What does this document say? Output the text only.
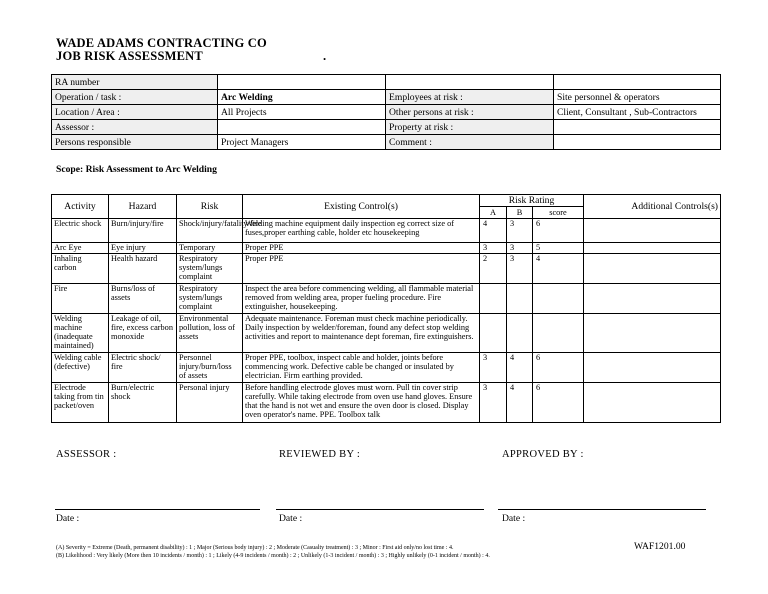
WADE ADAMS CONTRACTING CO
JOB RISK ASSESSMENT	.
RA number			
Operation / task :	Arc Welding	Employees at risk :	Site personnel & operators
Location / Area :	All Projects	Other persons at risk :	Client, Consultant , Sub-Contractors
Assessor :		Property at risk :	
Persons responsible	Project Managers	Comment :	
Scope: Risk Assessment to Arc Welding
Activity	Hazard	Risk	Existing Control(s)	Risk Rating			Additional Controls(s)
				A	B	score	
Electric shock	Burn/injury/fire	Shock/injury/fatality/fire	Welding machine equipment daily inspection eg correct size of fuses,proper earthing cable, holder etc housekeeping	4	3	6	
Arc Eye	Eye injury	Temporary	Proper PPE	3	3	5	
Inhaling carbon	Health hazard	Respiratory system/lungs complaint	Proper PPE	2	3	4	
Fire	Burns/loss of assets	Respiratory system/lungs complaint	Inspect the area before commencing welding, all flammable material removed from welding area, proper fueling procedure. Fire extinguisher, housekeeping.				
Welding machine (inadequate maintained)	Leakage of oil, fire, excess carbon monoxide	Environmental pollution, loss of assets	Adequate maintenance. Foreman must check machine periodically. Daily inspection by welder/foreman, found any defect stop welding activities and report to maintenance dept foreman, fire extinguishers.				
Welding cable (defective)	Electric shock/ fire	Personnel injury/burn/loss of assets	Proper PPE, toolbox, inspect cable and holder, joints before commencing work. Defective cable be changed or insulated by electrician. Firm earthing provided.	3	4	6	
Electrode taking from tin packet/oven	Burn/electric shock	Personal injury	Before handling electrode gloves must worn. Pull tin cover strip carefully. While taking electrode from oven use hand gloves. Ensure that the hand is not wet and ensure the oven door is closed. Display oven operator's name. PPE. Toolbox talk	3	4	6	
ASSESSOR :	REVIEWED BY :	APPROVED BY :
Date :	Date :	Date :
(A) Severity = Extreme (Death, permanent disability) : 1 ; Major (Serious body injury) : 2 ; Moderate (Casualty treatment) : 3 ; Minor : First aid only/no lost time : 4.
(B) Likelihood : Very likely (More then 10 incidents / month) : 1 ; Likely (4-9 incidents / month) : 2 ; Unlikely (1-3 incident / month) : 3 ; Highly unlikely (0-1 incident / month) : 4.
WAF1201.00
